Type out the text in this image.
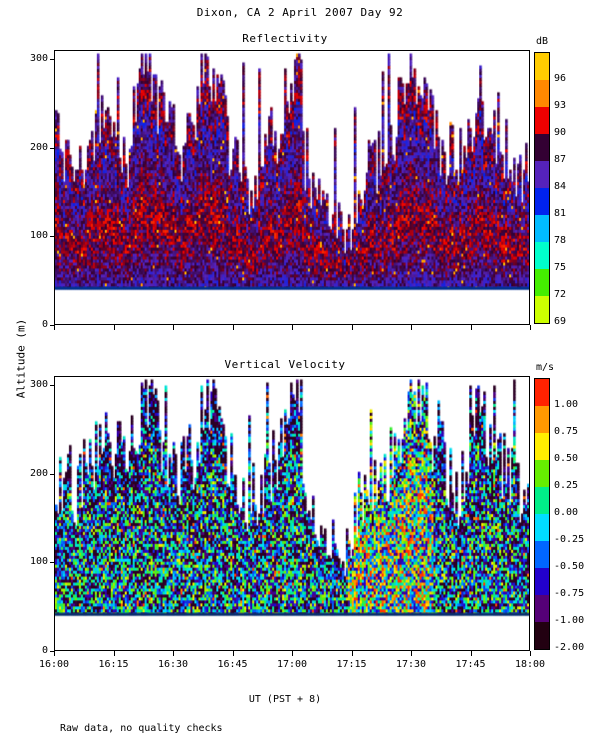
Dixon, CA 2 April 2007 Day 92
Altitude (m)
Reflectivity
0
100
200
300
dB
96
93
90
87
84
81
78
75
72
69
Vertical Velocity
0
100
200
300
16:00	16:15	16:30	16:45	17:00	17:15	17:30	17:45	18:00
m/s
1.00
0.75
0.50
0.25
0.00
-0.25
-0.50
-0.75
-1.00
-2.00
UT (PST + 8)
Raw data, no quality checks
